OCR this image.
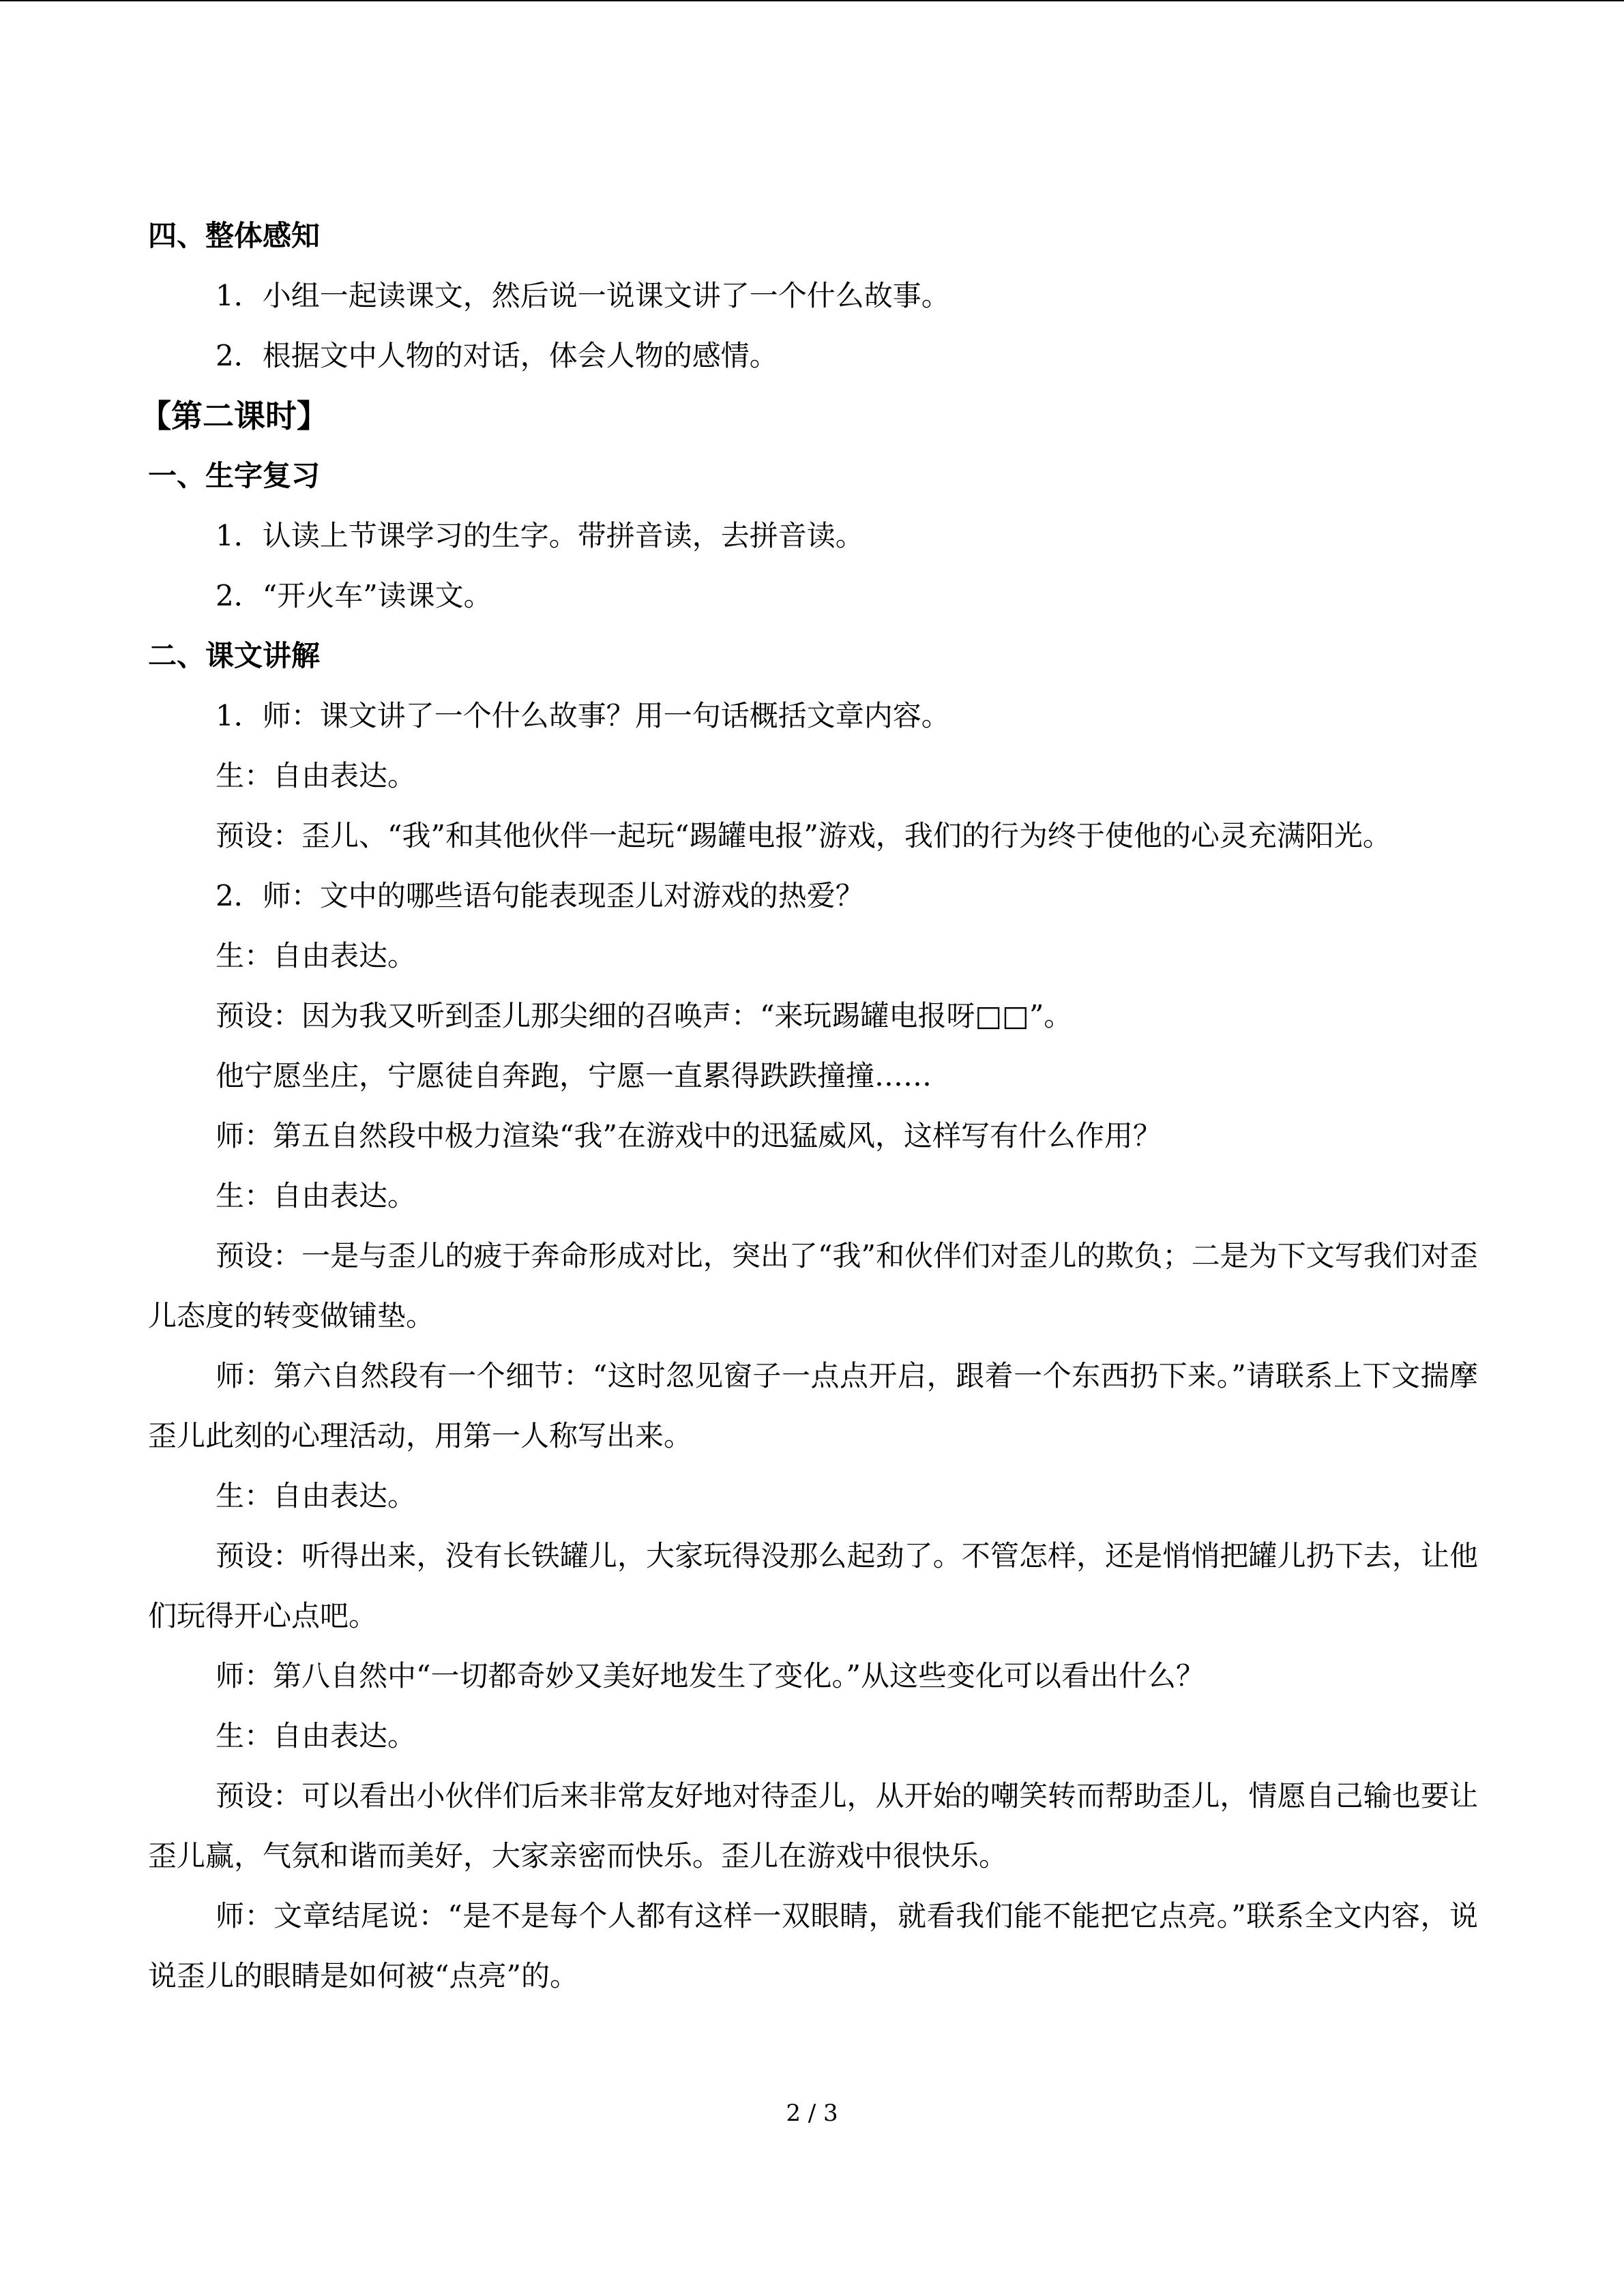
四、整体感知
1．小组一起读课文，然后说一说课文讲了一个什么故事。
2．根据文中人物的对话，体会人物的感情。
【第二课时】
一、生字复习
1．认读上节课学习的生字。带拼音读，去拼音读。
2．“开火车”读课文。
二、课文讲解
1．师：课文讲了一个什么故事？用一句话概括文章内容。
生：自由表达。
预设：歪儿、“我”和其他伙伴一起玩“踢罐电报”游戏，我们的行为终于使他的心灵充满阳光。
2．师：文中的哪些语句能表现歪儿对游戏的热爱？
生：自由表达。
预设：因为我又听到歪儿那尖细的召唤声：“来玩踢罐电报呀□□”。
他宁愿坐庄，宁愿徒自奔跑，宁愿一直累得跌跌撞撞……
师：第五自然段中极力渲染“我”在游戏中的迅猛威风，这样写有什么作用？
生：自由表达。
预设：一是与歪儿的疲于奔命形成对比，突出了“我”和伙伴们对歪儿的欺负；二是为下文写我们对歪儿态度的转变做铺垫。
师：第六自然段有一个细节：“这时忽见窗子一点点开启，跟着一个东西扔下来。”请联系上下文揣摩歪儿此刻的心理活动，用第一人称写出来。
生：自由表达。
预设：听得出来，没有长铁罐儿，大家玩得没那么起劲了。不管怎样，还是悄悄把罐儿扔下去，让他们玩得开心点吧。
师：第八自然中“一切都奇妙又美好地发生了变化。”从这些变化可以看出什么？
生：自由表达。
预设：可以看出小伙伴们后来非常友好地对待歪儿，从开始的嘲笑转而帮助歪儿，情愿自己输也要让歪儿赢，气氛和谐而美好，大家亲密而快乐。歪儿在游戏中很快乐。
师：文章结尾说：“是不是每个人都有这样一双眼睛，就看我们能不能把它点亮。”联系全文内容，说说歪儿的眼睛是如何被“点亮”的。
2 / 3
